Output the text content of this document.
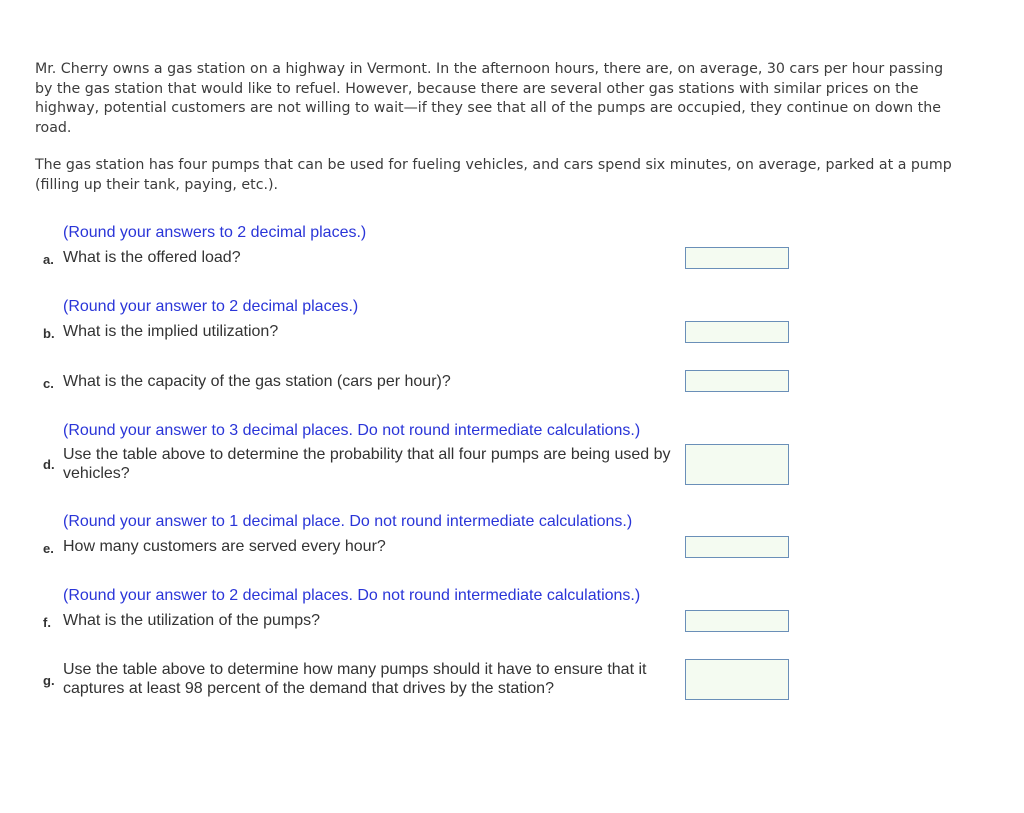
Mr. Cherry owns a gas station on a highway in Vermont. In the afternoon hours, there are, on average, 30 cars per hour passing by the gas station that would like to refuel. However, because there are several other gas stations with similar prices on the highway, potential customers are not willing to wait—if they see that all of the pumps are occupied, they continue on down the road.

The gas station has four pumps that can be used for fueling vehicles, and cars spend six minutes, on average, parked at a pump (filling up their tank, paying, etc.).

(Round your answers to 2 decimal places.)
a. What is the offered load?
(Round your answer to 2 decimal places.)
b. What is the implied utilization?
c. What is the capacity of the gas station (cars per hour)?
(Round your answer to 3 decimal places. Do not round intermediate calculations.)
d.
Use the table above to determine the probability that all four pumps are being used by vehicles?
(Round your answer to 1 decimal place. Do not round intermediate calculations.)
e. How many customers are served every hour?
(Round your answer to 2 decimal places. Do not round intermediate calculations.)
f. What is the utilization of the pumps?
g.
Use the table above to determine how many pumps should it have to ensure that it captures at least 98 percent of the demand that drives by the station?
